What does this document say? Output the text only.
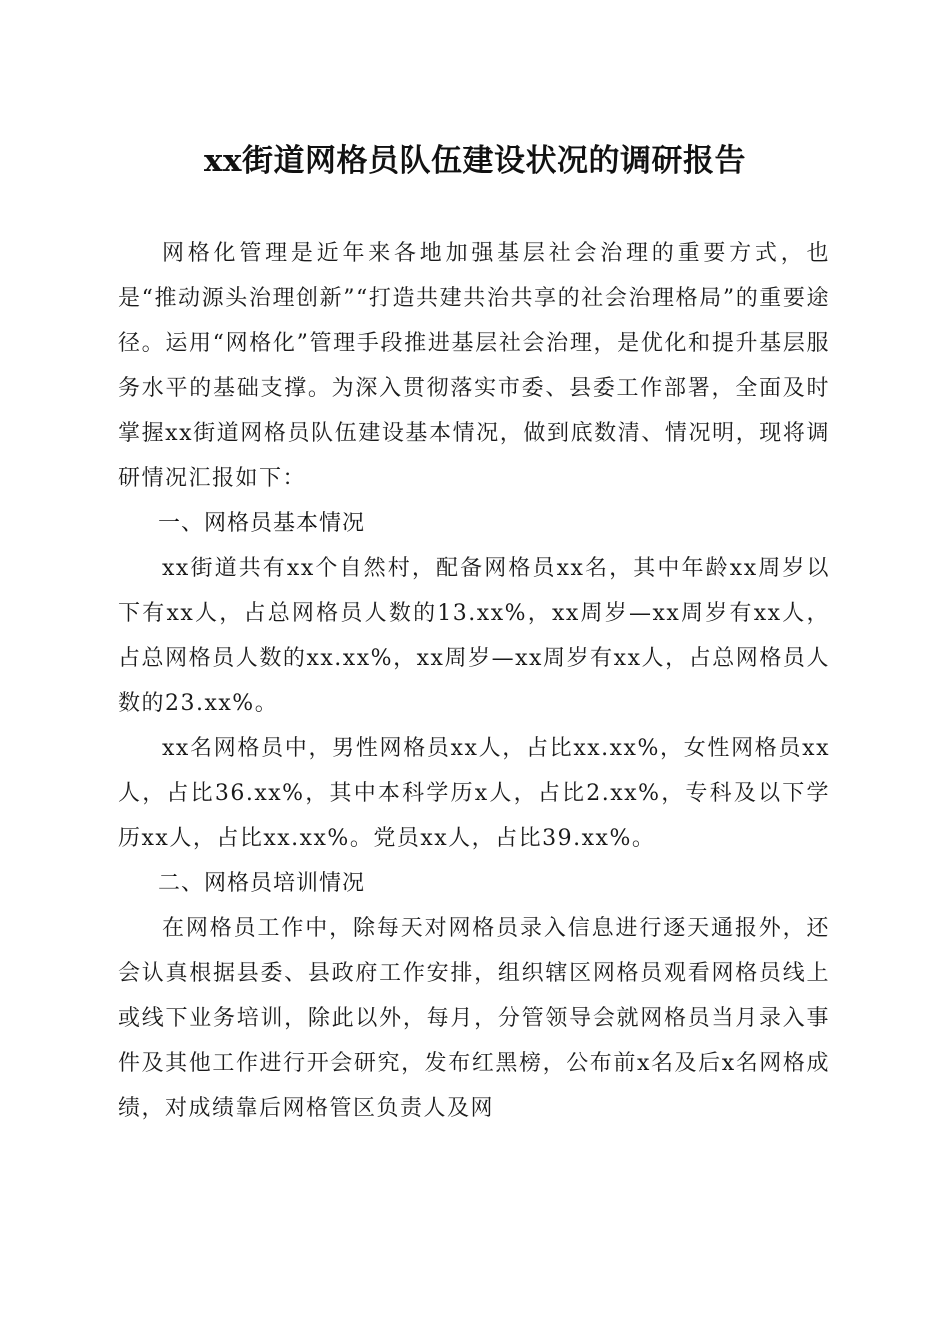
xx街道网格员队伍建设状况的调研报告

网格化管理是近年来各地加强基层社会治理的重要方式，也是“推动源头治理创新”“打造共建共治共享的社会治理格局”的重要途径。运用“网格化”管理手段推进基层社会治理，是优化和提升基层服务水平的基础支撑。为深入贯彻落实市委、县委工作部署，全面及时掌握xx街道网格员队伍建设基本情况，做到底数清、情况明，现将调研情况汇报如下：

一、网格员基本情况

xx街道共有xx个自然村，配备网格员xx名，其中年龄xx周岁以下有xx人，占总网格员人数的13.xx%，xx周岁—xx周岁有xx人，占总网格员人数的xx.xx%，xx周岁—xx周岁有xx人，占总网格员人数的23.xx%。

xx名网格员中，男性网格员xx人，占比xx.xx%，女性网格员xx人，占比36.xx%，其中本科学历x人，占比2.xx%，专科及以下学历xx人，占比xx.xx%。党员xx人，占比39.xx%。

二、网格员培训情况

在网格员工作中，除每天对网格员录入信息进行逐天通报外，还会认真根据县委、县政府工作安排，组织辖区网格员观看网格员线上或线下业务培训，除此以外，每月，分管领导会就网格员当月录入事件及其他工作进行开会研究，发布红黑榜，公布前x名及后x名网格成绩，对成绩靠后网格管区负责人及网
